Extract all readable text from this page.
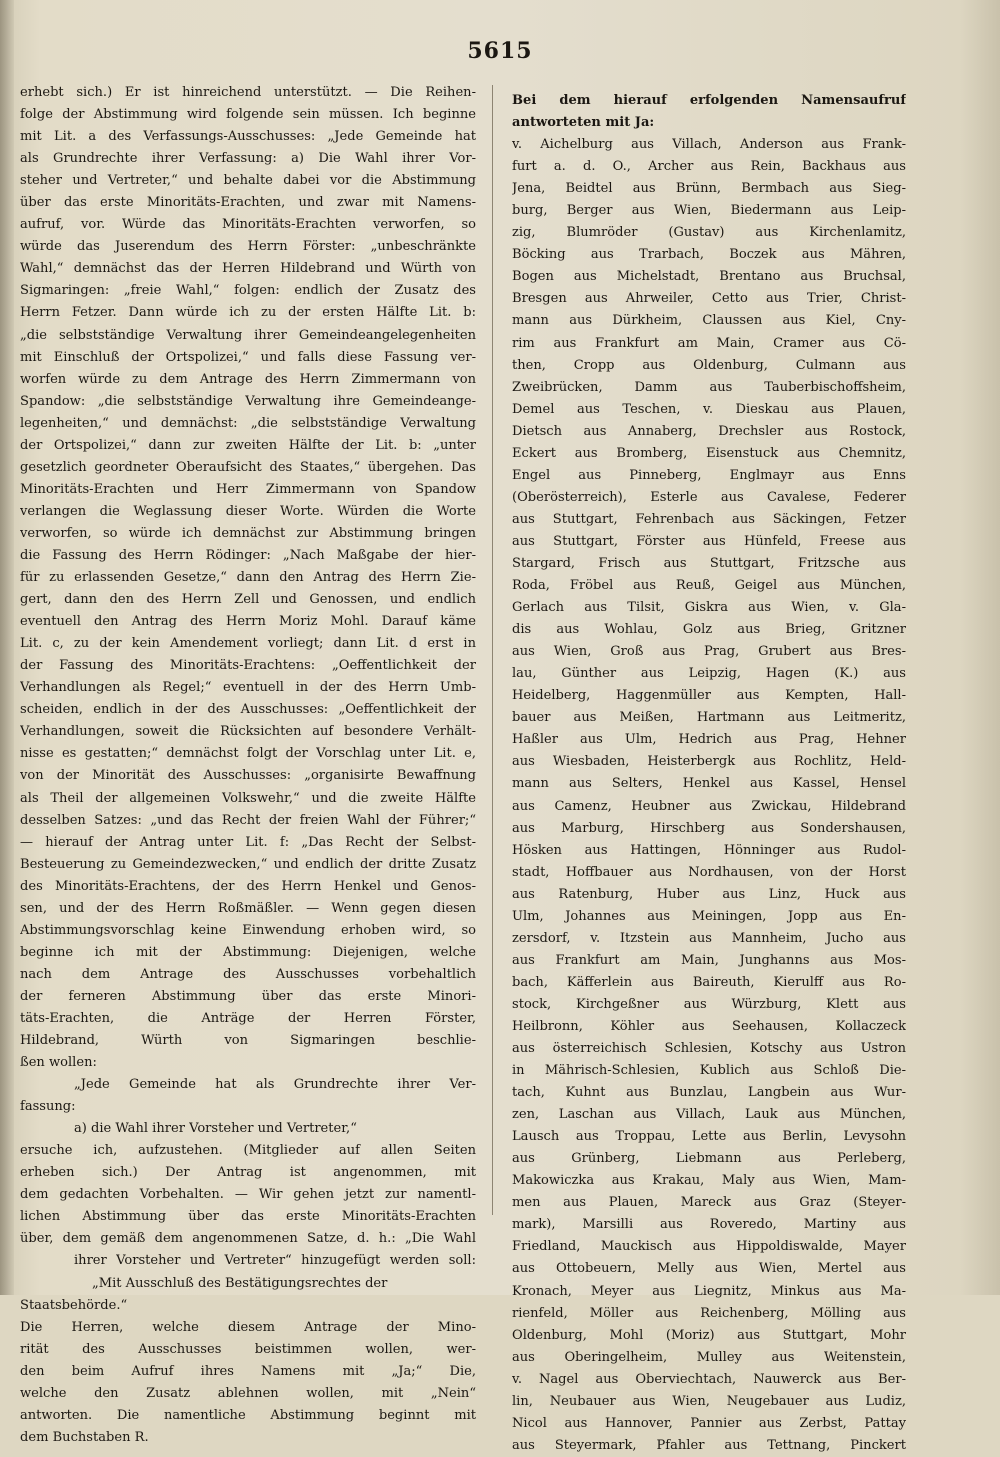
5615
erhebt sich.) Er ist hinreichend unterstützt. — Die Reihen-
folge der Abstimmung wird folgende sein müssen. Ich beginne
mit Lit. a des Verfassungs-Ausschusses: „Jede Gemeinde hat
als Grundrechte ihrer Verfassung: a) Die Wahl ihrer Vor-
steher und Vertreter,“ und behalte dabei vor die Abstimmung
über das erste Minoritäts-Erachten, und zwar mit Namens-
aufruf, vor. Würde das Minoritäts-Erachten verworfen, so
würde das Juserendum des Herrn Förster: „unbeschränkte
Wahl,“ demnächst das der Herren Hildebrand und Würth von
Sigmaringen: „freie Wahl,“ folgen: endlich der Zusatz des
Herrn Fetzer. Dann würde ich zu der ersten Hälfte Lit. b:
„die selbstständige Verwaltung ihrer Gemeindeangelegenheiten
mit Einschluß der Ortspolizei,“ und falls diese Fassung ver-
worfen würde zu dem Antrage des Herrn Zimmermann von
Spandow: „die selbstständige Verwaltung ihre Gemeindeange-
legenheiten,“ und demnächst: „die selbstständige Verwaltung
der Ortspolizei,“ dann zur zweiten Hälfte der Lit. b: „unter
gesetzlich geordneter Oberaufsicht des Staates,“ übergehen. Das
Minoritäts-Erachten und Herr Zimmermann von Spandow
verlangen die Weglassung dieser Worte. Würden die Worte
verworfen, so würde ich demnächst zur Abstimmung bringen
die Fassung des Herrn Rödinger: „Nach Maßgabe der hier-
für zu erlassenden Gesetze,“ dann den Antrag des Herrn Zie-
gert, dann den des Herrn Zell und Genossen, und endlich
eventuell den Antrag des Herrn Moriz Mohl. Darauf käme
Lit. c, zu der kein Amendement vorliegt; dann Lit. d erst in
der Fassung des Minoritäts-Erachtens: „Oeffentlichkeit der
Verhandlungen als Regel;“ eventuell in der des Herrn Umb-
scheiden, endlich in der des Ausschusses: „Oeffentlichkeit der
Verhandlungen, soweit die Rücksichten auf besondere Verhält-
nisse es gestatten;“ demnächst folgt der Vorschlag unter Lit. e,
von der Minorität des Ausschusses: „organisirte Bewaffnung
als Theil der allgemeinen Volkswehr,“ und die zweite Hälfte
desselben Satzes: „und das Recht der freien Wahl der Führer;“
— hierauf der Antrag unter Lit. f: „Das Recht der Selbst-
Besteuerung zu Gemeindezwecken,“ und endlich der dritte Zusatz
des Minoritäts-Erachtens, der des Herrn Henkel und Genos-
sen, und der des Herrn Roßmäßler. — Wenn gegen diesen
Abstimmungsvorschlag keine Einwendung erhoben wird, so
beginne ich mit der Abstimmung: Diejenigen, welche
nach dem Antrage des Ausschusses vorbehaltlich
der ferneren Abstimmung über das erste Minori-
täts-Erachten, die Anträge der Herren Förster,
Hildebrand, Würth von Sigmaringen beschlie-
ßen wollen:
„Jede Gemeinde hat als Grundrechte ihrer Ver-
fassung:
a) die Wahl ihrer Vorsteher und Vertreter,“
ersuche ich, aufzustehen. (Mitglieder auf allen Seiten
erheben sich.) Der Antrag ist angenommen, mit
dem gedachten Vorbehalten. — Wir gehen jetzt zur namentl-
lichen Abstimmung über das erste Minoritäts-Erachten
über, dem gemäß dem angenommenen Satze, d. h.: „Die Wahl
ihrer Vorsteher und Vertreter“ hinzugefügt werden soll:
„Mit Ausschluß des Bestätigungsrechtes der
Staatsbehörde.“
Die Herren, welche diesem Antrage der Mino-
rität des Ausschusses beistimmen wollen, wer-
den beim Aufruf ihres Namens mit „Ja;“ Die,
welche den Zusatz ablehnen wollen, mit „Nein“
antworten. Die namentliche Abstimmung beginnt mit
dem Buchstaben R.
Bei dem hierauf erfolgenden Namensaufruf
antworteten mit Ja:
v. Aichelburg aus Villach, Anderson aus Frank-
furt a. d. O., Archer aus Rein, Backhaus aus
Jena, Beidtel aus Brünn, Bermbach aus Sieg-
burg, Berger aus Wien, Biedermann aus Leip-
zig, Blumröder (Gustav) aus Kirchenlamitz,
Böcking aus Trarbach, Boczek aus Mähren,
Bogen aus Michelstadt, Brentano aus Bruchsal,
Bresgen aus Ahrweiler, Cetto aus Trier, Christ-
mann aus Dürkheim, Claussen aus Kiel, Cny-
rim aus Frankfurt am Main, Cramer aus Cö-
then, Cropp aus Oldenburg, Culmann aus
Zweibrücken, Damm aus Tauberbischoffsheim,
Demel aus Teschen, v. Dieskau aus Plauen,
Dietsch aus Annaberg, Drechsler aus Rostock,
Eckert aus Bromberg, Eisenstuck aus Chemnitz,
Engel aus Pinneberg, Englmayr aus Enns
(Oberösterreich), Esterle aus Cavalese, Federer
aus Stuttgart, Fehrenbach aus Säckingen, Fetzer
aus Stuttgart, Förster aus Hünfeld, Freese aus
Stargard, Frisch aus Stuttgart, Fritzsche aus
Roda, Fröbel aus Reuß, Geigel aus München,
Gerlach aus Tilsit, Giskra aus Wien, v. Gla-
dis aus Wohlau, Golz aus Brieg, Gritzner
aus Wien, Groß aus Prag, Grubert aus Bres-
lau, Günther aus Leipzig, Hagen (K.) aus
Heidelberg, Haggenmüller aus Kempten, Hall-
bauer aus Meißen, Hartmann aus Leitmeritz,
Haßler aus Ulm, Hedrich aus Prag, Hehner
aus Wiesbaden, Heisterbergk aus Rochlitz, Held-
mann aus Selters, Henkel aus Kassel, Hensel
aus Camenz, Heubner aus Zwickau, Hildebrand
aus Marburg, Hirschberg aus Sondershausen,
Hösken aus Hattingen, Hönninger aus Rudol-
stadt, Hoffbauer aus Nordhausen, von der Horst
aus Ratenburg, Huber aus Linz, Huck aus
Ulm, Johannes aus Meiningen, Jopp aus En-
zersdorf, v. Itzstein aus Mannheim, Jucho aus
aus Frankfurt am Main, Junghanns aus Mos-
bach, Käfferlein aus Baireuth, Kierulff aus Ro-
stock, Kirchgeßner aus Würzburg, Klett aus
Heilbronn, Köhler aus Seehausen, Kollaczeck
aus österreichisch Schlesien, Kotschy aus Ustron
in Mährisch-Schlesien, Kublich aus Schloß Die-
tach, Kuhnt aus Bunzlau, Langbein aus Wur-
zen, Laschan aus Villach, Lauk aus München,
Lausch aus Troppau, Lette aus Berlin, Levysohn
aus Grünberg, Liebmann aus Perleberg,
Makowiczka aus Krakau, Maly aus Wien, Mam-
men aus Plauen, Mareck aus Graz (Steyer-
mark), Marsilli aus Roveredo, Martiny aus
Friedland, Mauckisch aus Hippoldiswalde, Mayer
aus Ottobeuern, Melly aus Wien, Mertel aus
Kronach, Meyer aus Liegnitz, Minkus aus Ma-
rienfeld, Möller aus Reichenberg, Mölling aus
Oldenburg, Mohl (Moriz) aus Stuttgart, Mohr
aus Oberingelheim, Mulley aus Weitenstein,
v. Nagel aus Oberviechtach, Nauwerck aus Ber-
lin, Neubauer aus Wien, Neugebauer aus Ludiz,
Nicol aus Hannover, Pannier aus Zerbst, Pattay
aus Steyermark, Pfahler aus Tettnang, Pinckert
